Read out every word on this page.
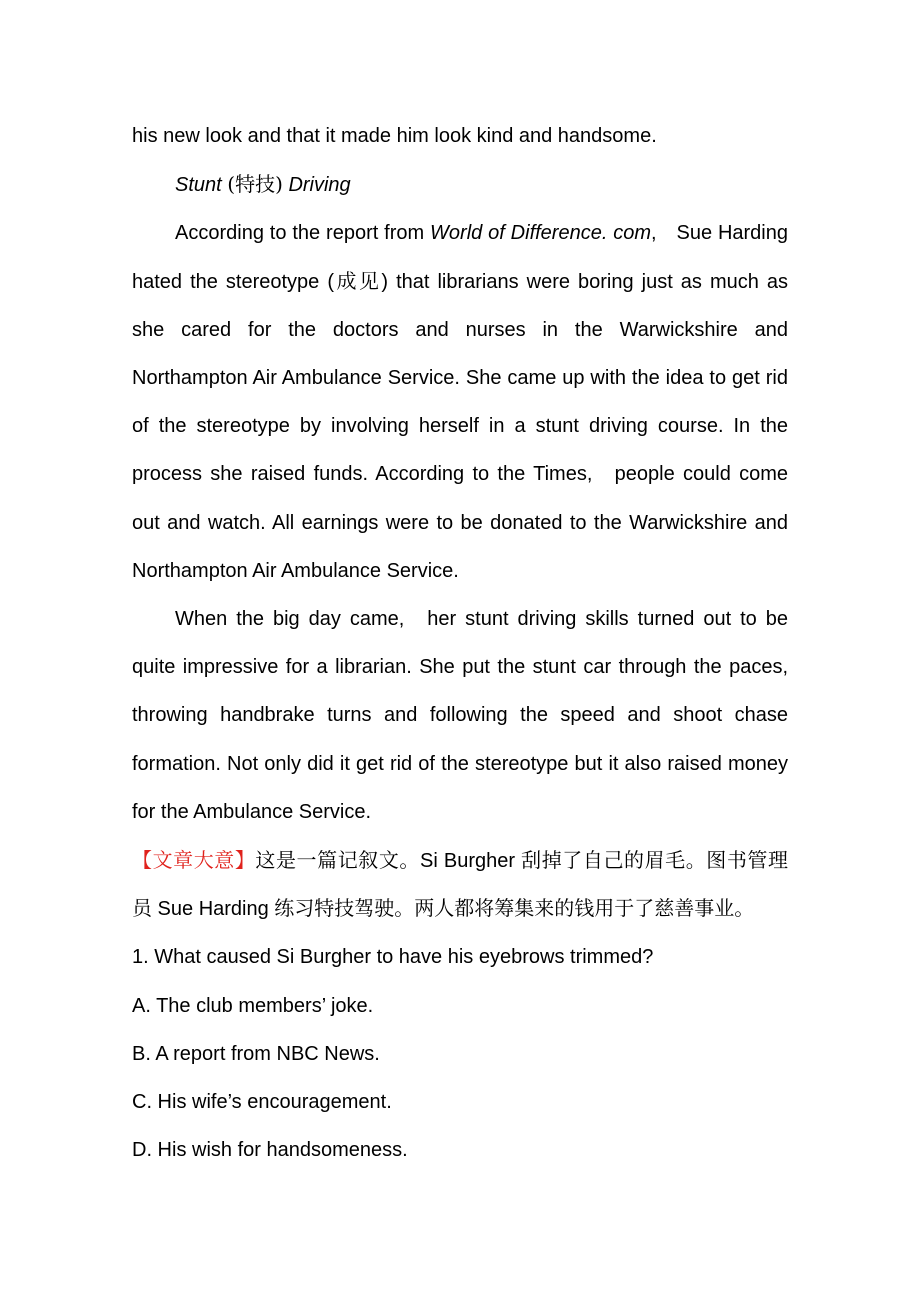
his new look and that it made him look kind and handsome.

Stunt (特技) Driving

According to the report from World of Difference. com, Sue Harding hated the stereotype (成见) that librarians were boring just as much as she cared for the doctors and nurses in the Warwickshire and Northampton Air Ambulance Service. She came up with the idea to get rid of the stereotype by involving herself in a stunt driving course. In the process she raised funds. According to the Times, people could come out and watch. All earnings were to be donated to the Warwickshire and Northampton Air Ambulance Service.

When the big day came, her stunt driving skills turned out to be quite impressive for a librarian. She put the stunt car through the paces, throwing handbrake turns and following the speed and shoot chase formation. Not only did it get rid of the stereotype but it also raised money for the Ambulance Service.

【文章大意】这是一篇记叙文。Si Burgher 刮掉了自己的眉毛。图书管理员 Sue Harding 练习特技驾驶。两人都将筹集来的钱用于了慈善事业。

1. What caused Si Burgher to have his eyebrows trimmed?

A. The club members’ joke.

B. A report from NBC News.

C. His wife’s encouragement.

D. His wish for handsomeness.
